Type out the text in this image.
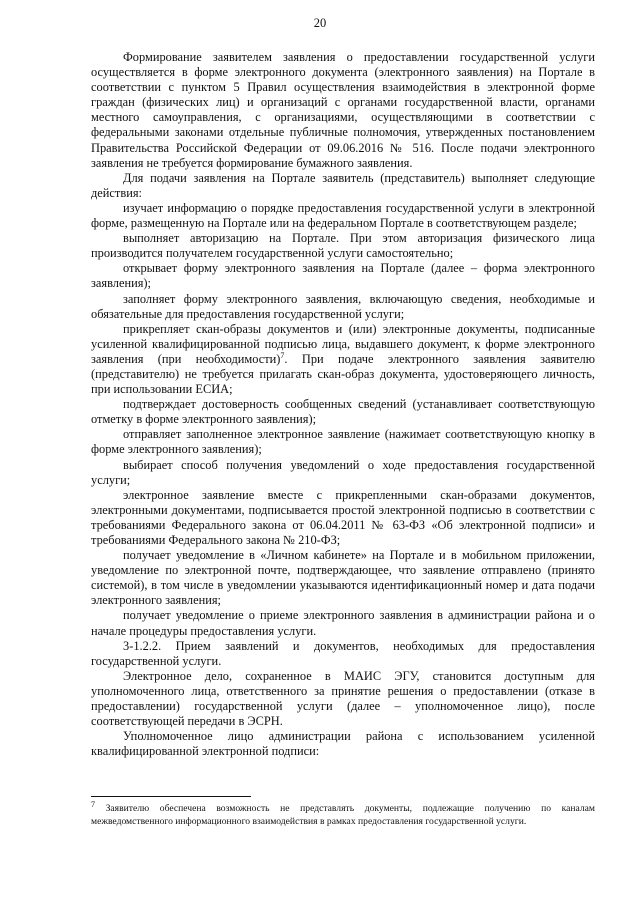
20

Формирование заявителем заявления о предоставлении государственной услуги осуществляется в форме электронного документа (электронного заявления) на Портале в соответствии с пунктом 5 Правил осуществления взаимодействия в электронной форме граждан (физических лиц) и организаций с органами государственной власти, органами местного самоуправления, с организациями, осуществляющими в соответствии с федеральными законами отдельные публичные полномочия, утвержденных постановлением Правительства Российской Федерации от 09.06.2016 № 516. После подачи электронного заявления не требуется формирование бумажного заявления.

Для подачи заявления на Портале заявитель (представитель) выполняет следующие действия:

изучает информацию о порядке предоставления государственной услуги в электронной форме, размещенную на Портале или на федеральном Портале в соответствующем разделе;

выполняет авторизацию на Портале. При этом авторизация физического лица производится получателем государственной услуги самостоятельно;

открывает форму электронного заявления на Портале (далее – форма электронного заявления);

заполняет форму электронного заявления, включающую сведения, необходимые и обязательные для предоставления государственной услуги;

прикрепляет скан-образы документов и (или) электронные документы, подписанные усиленной квалифицированной подписью лица, выдавшего документ, к форме электронного заявления (при необходимости)$^7$. При подаче электронного заявления заявителю (представителю) не требуется прилагать скан-образ документа, удостоверяющего личность, при использовании ЕСИА;

подтверждает достоверность сообщенных сведений (устанавливает соответствующую отметку в форме электронного заявления);

отправляет заполненное электронное заявление (нажимает соответствующую кнопку в форме электронного заявления);

выбирает способ получения уведомлений о ходе предоставления государственной услуги;

электронное заявление вместе с прикрепленными скан-образами документов, электронными документами, подписывается простой электронной подписью в соответствии с требованиями Федерального закона от 06.04.2011 № 63-ФЗ «Об электронной подписи» и требованиями Федерального закона № 210-ФЗ;

получает уведомление в «Личном кабинете» на Портале и в мобильном приложении, уведомление по электронной почте, подтверждающее, что заявление отправлено (принято системой), в том числе в уведомлении указываются идентификационный номер и дата подачи электронного заявления;

получает уведомление о приеме электронного заявления в администрации района и о начале процедуры предоставления услуги.

3-1.2.2. Прием заявлений и документов, необходимых для предоставления государственной услуги.

Электронное дело, сохраненное в МАИС ЭГУ, становится доступным для уполномоченного лица, ответственного за принятие решения о предоставлении (отказе в предоставлении) государственной услуги (далее – уполномоченное лицо), после соответствующей передачи в ЭСРН.

Уполномоченное лицо администрации района с использованием усиленной квалифицированной электронной подписи:

$^7$ Заявителю обеспечена возможность не представлять документы, подлежащие получению по каналам межведомственного информационного взаимодействия в рамках предоставления государственной услуги.
